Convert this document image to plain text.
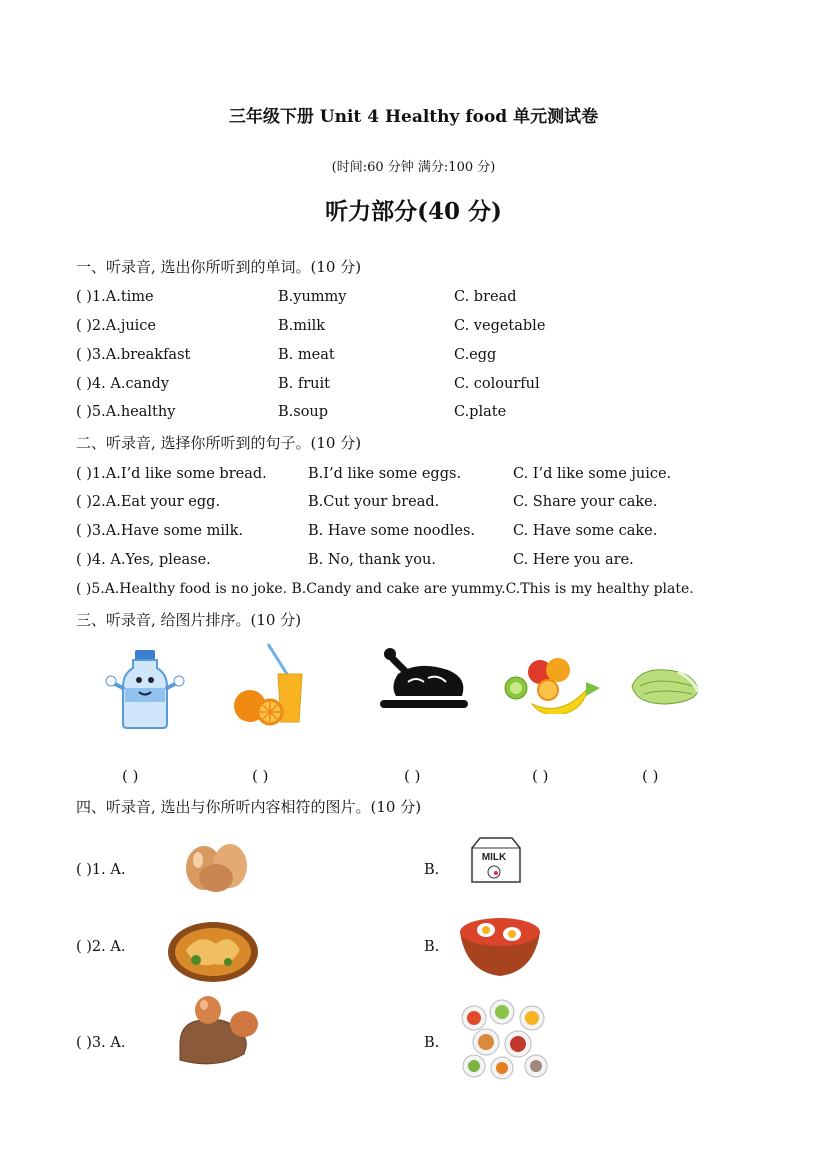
三年级下册 Unit 4 Healthy food 单元测试卷
(时间:60 分钟 满分:100 分)
听力部分(40 分)
一、听录音, 选出你所听到的单词。(10 分)
( )1.A.time	B.yummy	C. bread
( )2.A.juice	B.milk	C. vegetable
( )3.A.breakfast	B. meat	C.egg
( )4. A.candy	B. fruit	C. colourful
( )5.A.healthy	B.soup	C.plate
二、听录音, 选择你所听到的句子。(10 分)
( )1.A.I’d like some bread.	B.I’d like some eggs.	C. I’d like some juice.
( )2.A.Eat your egg.	B.Cut your bread.	C. Share your cake.
( )3.A.Have some milk.	B. Have some noodles.	C. Have some cake.
( )4. A.Yes, please.	B. No, thank you.	C. Here you are.
( )5.A.Healthy food is no joke. B.Candy and cake are yummy.C.This is my healthy plate.
三、听录音, 给图片排序。(10 分)
( )	( )	( )	( )	( )
四、听录音, 选出与你所听内容相符的图片。(10 分)
( )1. A.	B.
MILK
( )2. A.	B.
( )3. A.	B.
